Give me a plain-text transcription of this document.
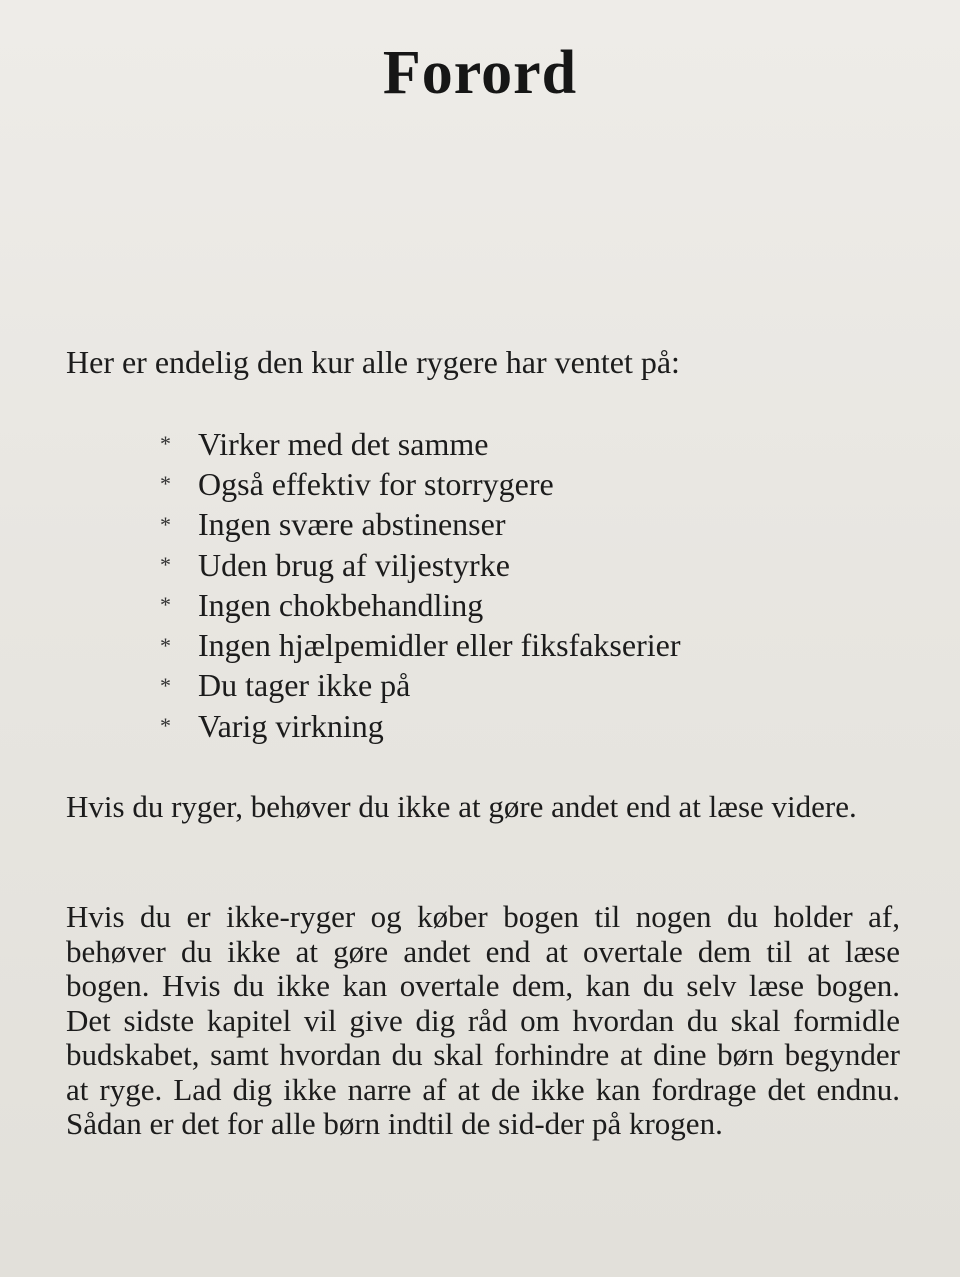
Forord
Her er endelig den kur alle rygere har ventet på:
* Virker med det samme
* Også effektiv for storrygere
* Ingen svære abstinenser
* Uden brug af viljestyrke
* Ingen chokbehandling
* Ingen hjælpemidler eller fiksfakserier
* Du tager ikke på
* Varig virkning

Hvis du ryger, behøver du ikke at gøre andet end at læse videre.

Hvis du er ikke-ryger og køber bogen til nogen du holder af, behøver du ikke at gøre andet end at overtale dem til at læse bogen. Hvis du ikke kan overtale dem, kan du selv læse bogen. Det sidste kapitel vil give dig råd om hvordan du skal formidle budskabet, samt hvordan du skal forhindre at dine børn begynder at ryge. Lad dig ikke narre af at de ikke kan fordrage det endnu. Sådan er det for alle børn indtil de sid-der på krogen.
